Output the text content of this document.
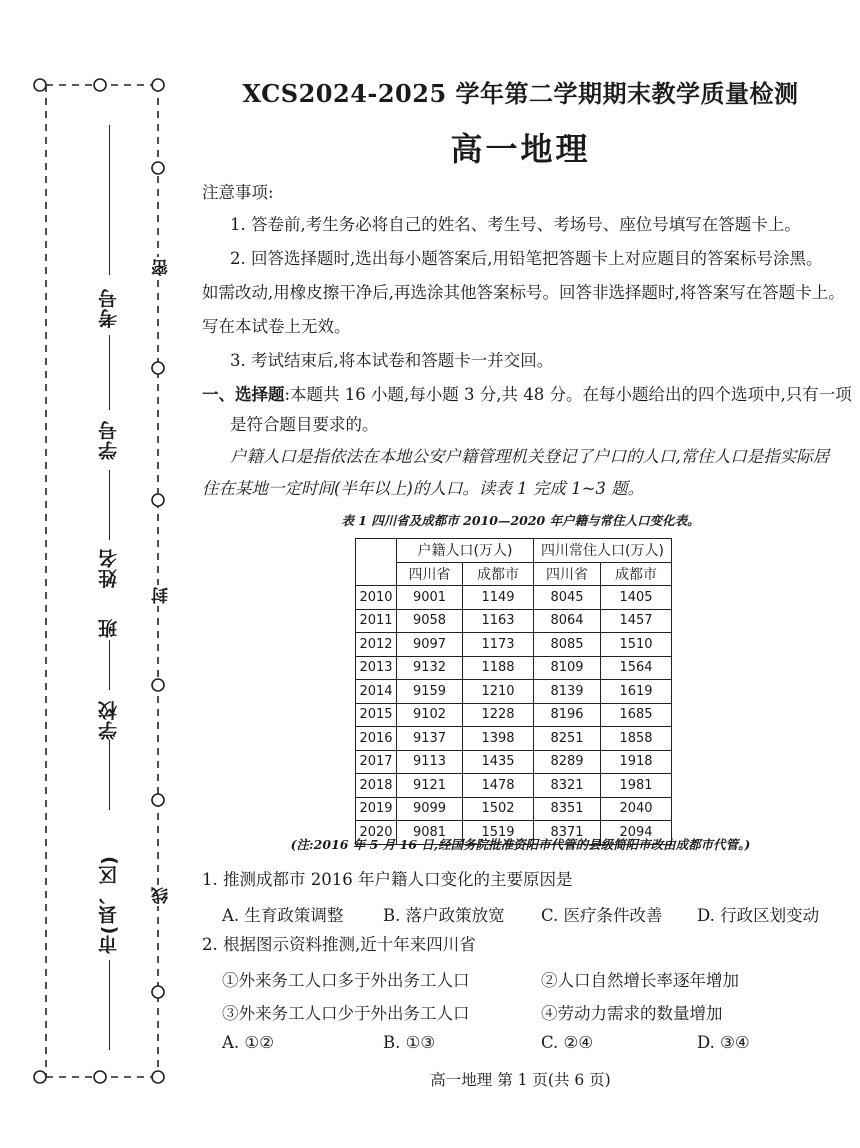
考号
学号
姓名
班
学校
市(县、区)
密
封
线
XCS2024-2025 学年第二学期期末教学质量检测
高一地理
注意事项:
1. 答卷前,考生务必将自己的姓名、考生号、考场号、座位号填写在答题卡上。
2. 回答选择题时,选出每小题答案后,用铅笔把答题卡上对应题目的答案标号涂黑。
如需改动,用橡皮擦干净后,再选涂其他答案标号。回答非选择题时,将答案写在答题卡上。
写在本试卷上无效。
3. 考试结束后,将本试卷和答题卡一并交回。
一、选择题:本题共 16 小题,每小题 3 分,共 48 分。在每小题给出的四个选项中,只有一项
是符合题目要求的。
户籍人口是指依法在本地公安户籍管理机关登记了户口的人口,常住人口是指实际居
住在某地一定时间(半年以上)的人口。读表 1 完成 1~3 题。
表 1 四川省及成都市 2010—2020 年户籍与常住人口变化表。
	户籍人口(万人)		四川常住人口(万人)	
	四川省	成都市	四川省	成都市
2010	9001	1149	8045	1405
2011	9058	1163	8064	1457
2012	9097	1173	8085	1510
2013	9132	1188	8109	1564
2014	9159	1210	8139	1619
2015	9102	1228	8196	1685
2016	9137	1398	8251	1858
2017	9113	1435	8289	1918
2018	9121	1478	8321	1981
2019	9099	1502	8351	2040
2020	9081	1519	8371	2094
(注:2016 年 5 月 16 日,经国务院批准资阳市代管的县级简阳市改由成都市代管。)
1. 推测成都市 2016 年户籍人口变化的主要原因是
A. 生育政策调整 B. 落户政策放宽 C. 医疗条件改善 D. 行政区划变动
2. 根据图示资料推测,近十年来四川省
①外来务工人口多于外出务工人口	②人口自然增长率逐年增加
③外来务工人口少于外出务工人口	④劳动力需求的数量增加
A. ①②	B. ①③	C. ②④	D. ③④
高一地理 第 1 页(共 6 页)
